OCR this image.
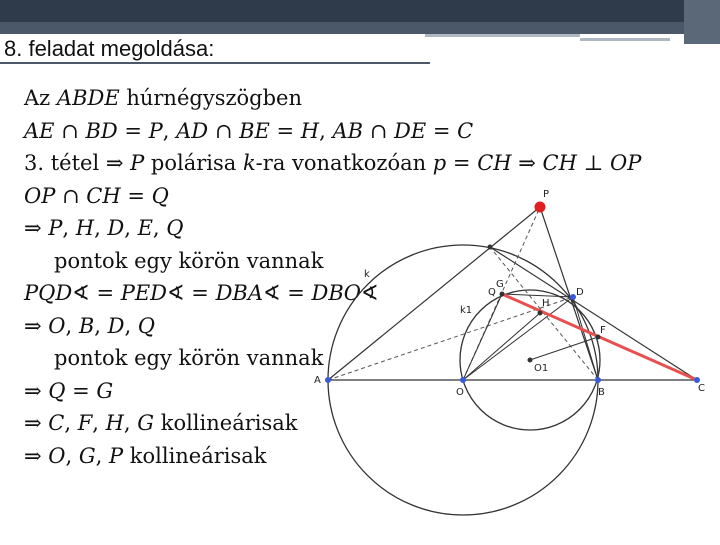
8. feladat megoldása:
Az 𝐴𝐵𝐷𝐸 húrnégyszögben
𝐴𝐸 ∩ 𝐵𝐷 = 𝑃, 𝐴𝐷 ∩ 𝐵𝐸 = 𝐻, 𝐴𝐵 ∩ 𝐷𝐸 = 𝐶
3. tétel ⇒ 𝑃 polárisa 𝑘-ra vonatkozóan 𝑝 = 𝐶𝐻 ⇒ 𝐶𝐻 ⊥ 𝑂𝑃
𝑂𝑃 ∩ 𝐶𝐻 = 𝑄
⇒ 𝑃, 𝐻, 𝐷, 𝐸, 𝑄
pontok egy körön vannak
𝑃𝑄𝐷∢ = 𝑃𝐸𝐷∢ = 𝐷𝐵𝐴∢ = 𝐷𝐵𝑂∢
⇒ 𝑂, 𝐵, 𝐷, 𝑄
pontok egy körön vannak
⇒ 𝑄 = 𝐺
⇒ 𝐶, 𝐹, 𝐻, 𝐺 kollineárisak
⇒ 𝑂, 𝐺, 𝑃 kollineárisak
P
k
Q
G
H
D
k1
F
O1
A
O	B	C
